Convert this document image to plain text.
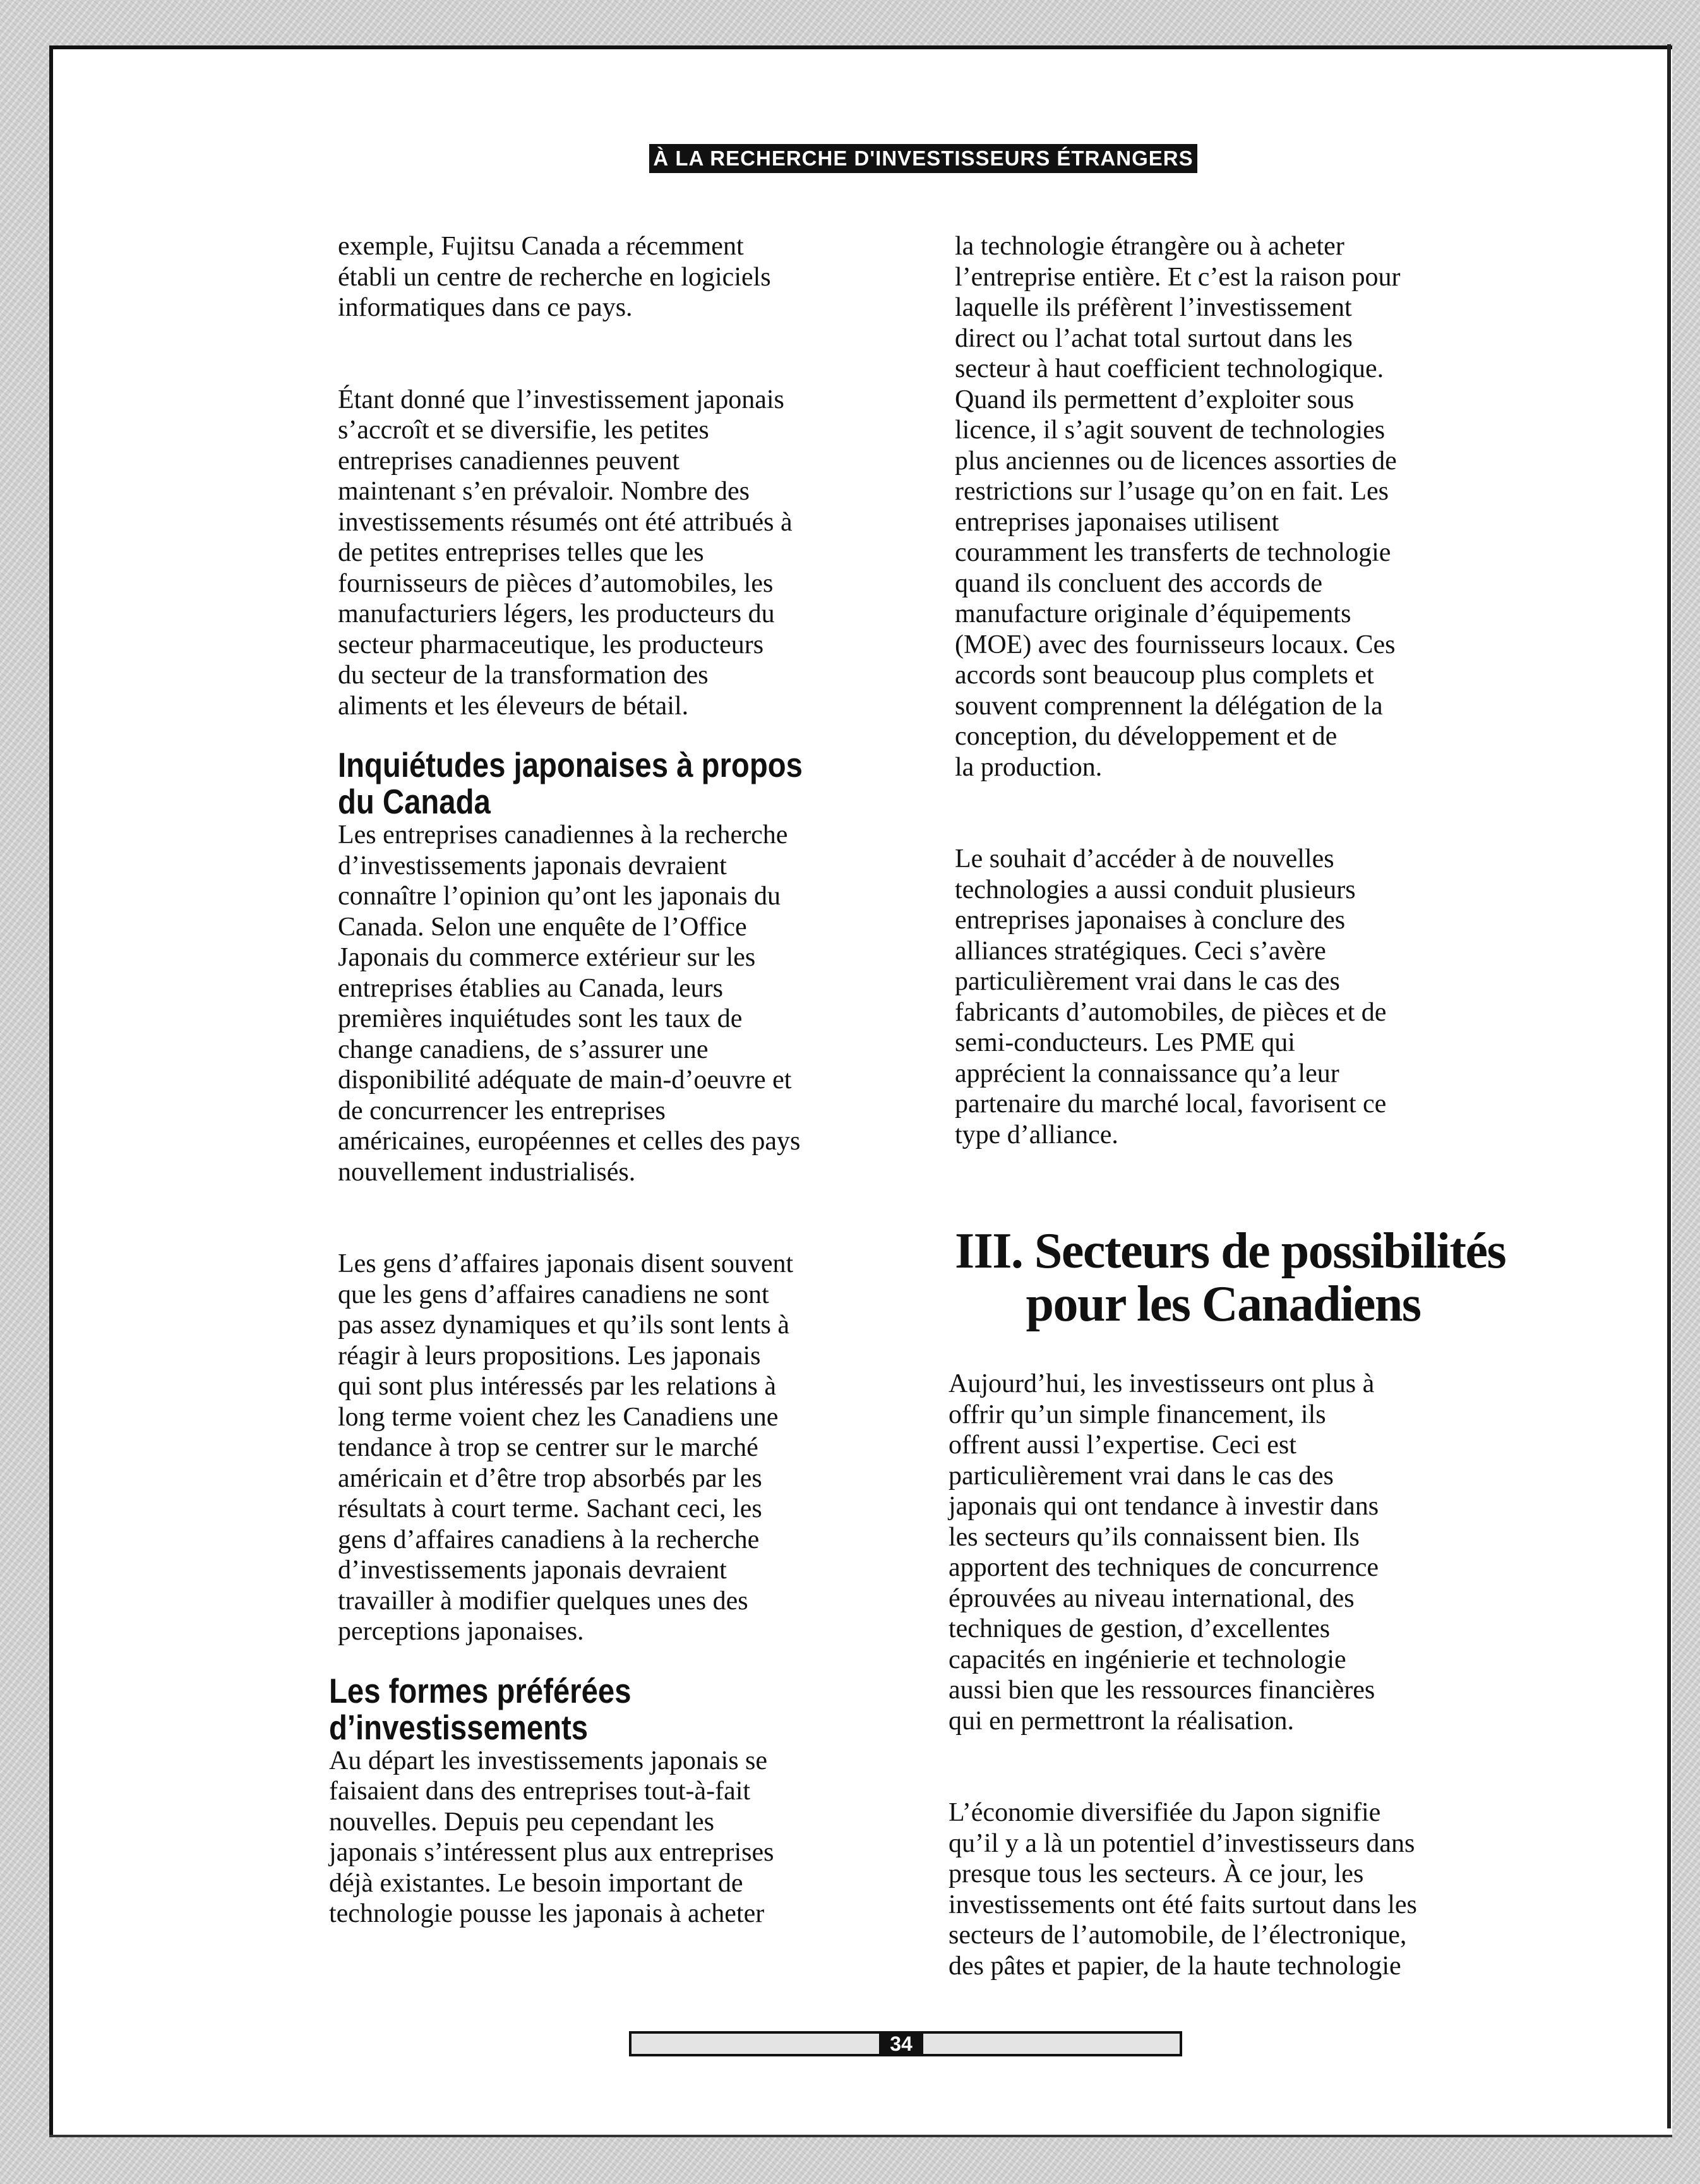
À LA RECHERCHE D'INVESTISSEURS ÉTRANGERS

exemple, Fujitsu Canada a récemment
établi un centre de recherche en logiciels
informatiques dans ce pays.

Étant donné que l’investissement japonais
s’accroît et se diversifie, les petites
entreprises canadiennes peuvent
maintenant s’en prévaloir. Nombre des
investissements résumés ont été attribués à
de petites entreprises telles que les
fournisseurs de pièces d’automobiles, les
manufacturiers légers, les producteurs du
secteur pharmaceutique, les producteurs
du secteur de la transformation des
aliments et les éleveurs de bétail.

Inquiétudes japonaises à propos
du Canada

Les entreprises canadiennes à la recherche
d’investissements japonais devraient
connaître l’opinion qu’ont les japonais du
Canada. Selon une enquête de l’Office
Japonais du commerce extérieur sur les
entreprises établies au Canada, leurs
premières inquiétudes sont les taux de
change canadiens, de s’assurer une
disponibilité adéquate de main-d’oeuvre et
de concurrencer les entreprises
américaines, européennes et celles des pays
nouvellement industrialisés.

Les gens d’affaires japonais disent souvent
que les gens d’affaires canadiens ne sont
pas assez dynamiques et qu’ils sont lents à
réagir à leurs propositions. Les japonais
qui sont plus intéressés par les relations à
long terme voient chez les Canadiens une
tendance à trop se centrer sur le marché
américain et d’être trop absorbés par les
résultats à court terme. Sachant ceci, les
gens d’affaires canadiens à la recherche
d’investissements japonais devraient
travailler à modifier quelques unes des
perceptions japonaises.

Les formes préférées
d’investissements

Au départ les investissements japonais se
faisaient dans des entreprises tout-à-fait
nouvelles. Depuis peu cependant les
japonais s’intéressent plus aux entreprises
déjà existantes. Le besoin important de
technologie pousse les japonais à acheter

la technologie étrangère ou à acheter
l’entreprise entière. Et c’est la raison pour
laquelle ils préfèrent l’investissement
direct ou l’achat total surtout dans les
secteur à haut coefficient technologique.
Quand ils permettent d’exploiter sous
licence, il s’agit souvent de technologies
plus anciennes ou de licences assorties de
restrictions sur l’usage qu’on en fait. Les
entreprises japonaises utilisent
couramment les transferts de technologie
quand ils concluent des accords de
manufacture originale d’équipements
(MOE) avec des fournisseurs locaux. Ces
accords sont beaucoup plus complets et
souvent comprennent la délégation de la
conception, du développement et de
la production.

Le souhait d’accéder à de nouvelles
technologies a aussi conduit plusieurs
entreprises japonaises à conclure des
alliances stratégiques. Ceci s’avère
particulièrement vrai dans le cas des
fabricants d’automobiles, de pièces et de
semi-conducteurs. Les PME qui
apprécient la connaissance qu’a leur
partenaire du marché local, favorisent ce
type d’alliance.

III. Secteurs de possibilités
pour les Canadiens

Aujourd’hui, les investisseurs ont plus à
offrir qu’un simple financement, ils
offrent aussi l’expertise. Ceci est
particulièrement vrai dans le cas des
japonais qui ont tendance à investir dans
les secteurs qu’ils connaissent bien. Ils
apportent des techniques de concurrence
éprouvées au niveau international, des
techniques de gestion, d’excellentes
capacités en ingénierie et technologie
aussi bien que les ressources financières
qui en permettront la réalisation.

L’économie diversifiée du Japon signifie
qu’il y a là un potentiel d’investisseurs dans
presque tous les secteurs. À ce jour, les
investissements ont été faits surtout dans les
secteurs de l’automobile, de l’électronique,
des pâtes et papier, de la haute technologie

34
